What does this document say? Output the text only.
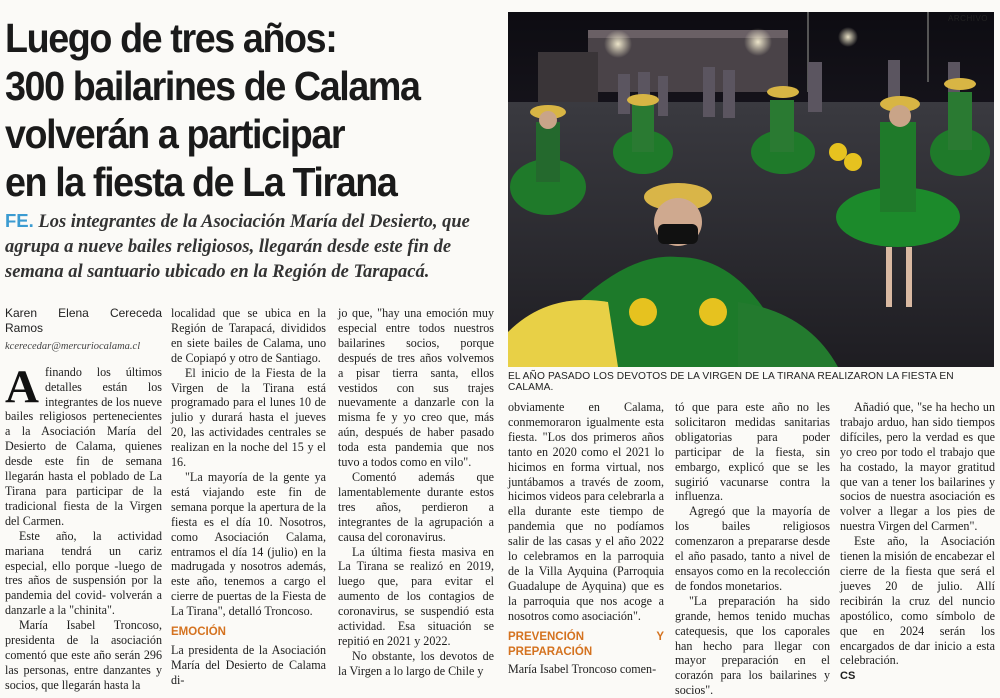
Luego de tres años:
300 bailarines de Calama
volverán a participar
en la fiesta de La Tirana
FE. Los integrantes de la Asociación María del Desierto, que agrupa a nueve bailes religiosos, llegarán desde este fin de semana al santuario ubicado en la Región de Tarapacá.
ARCHIVO
EL AÑO PASADO LOS DEVOTOS DE LA VIRGEN DE LA TIRANA REALIZARON LA FIESTA EN CALAMA.
Karen Elena Cereceda Ramos
kcerecedar@mercuriocalama.cl

Afinando los últimos detalles están los integrantes de los nueve bailes religiosos pertenecientes a la Asociación María del Desierto de Calama, quienes desde este fin de semana llegarán hasta el poblado de La Tirana para participar de la tradicional fiesta de la Virgen del Carmen.

Este año, la actividad mariana tendrá un cariz especial, ello porque -luego de tres años de suspensión por la pandemia del covid- volverán a danzarle a la "chinita".

María Isabel Troncoso, presidenta de la asociación comentó que este año serán 296 las personas, entre danzantes y socios, que llegarán hasta la

localidad que se ubica en la Región de Tarapacá, divididos en siete bailes de Calama, uno de Copiapó y otro de Santiago.

El inicio de la Fiesta de la Virgen de la Tirana está programado para el lunes 10 de julio y durará hasta el jueves 20, las actividades centrales se realizan en la noche del 15 y el 16.

"La mayoría de la gente ya está viajando este fin de semana porque la apertura de la fiesta es el día 10. Nosotros, como Asociación Calama, entramos el día 14 (julio) en la madrugada y nosotros además, este año, tenemos a cargo el cierre de puertas de la Fiesta de La Tirana", detalló Troncoso.

EMOCIÓN

La presidenta de la Asociación María del Desierto de Calama di-

jo que, "hay una emoción muy especial entre todos nuestros bailarines socios, porque después de tres años volvemos a pisar tierra santa, ellos vestidos con sus trajes nuevamente a danzarle con la misma fe y yo creo que, más aún, después de haber pasado toda esta pandemia que nos tuvo a todos como en vilo".

Comentó además que lamentablemente durante estos tres años, perdieron a integrantes de la agrupación a causa del coronavirus.

La última fiesta masiva en La Tirana se realizó en 2019, luego que, para evitar el aumento de los contagios de coronavirus, se suspendió esta actividad. Esa situación se repitió en 2021 y 2022.

No obstante, los devotos de la Virgen a lo largo de Chile y

obviamente en Calama, conmemoraron igualmente esta fiesta. "Los dos primeros años tanto en 2020 como el 2021 lo hicimos en forma virtual, nos juntábamos a través de zoom, hicimos videos para celebrarla a ella durante este tiempo de pandemia que no podíamos salir de las casas y el año 2022 lo celebramos en la parroquia de la Villa Ayquina (Parroquia Guadalupe de Ayquina) que es la parroquia que nos acoge a nosotros como asociación".

PREVENCIÓN Y PREPARACIÓN

María Isabel Troncoso comen-

tó que para este año no les solicitaron medidas sanitarias obligatorias para poder participar de la fiesta, sin embargo, explicó que se les sugirió vacunarse contra la influenza.

Agregó que la mayoría de los bailes religiosos comenzaron a prepararse desde el año pasado, tanto a nivel de ensayos como en la recolección de fondos monetarios.

"La preparación ha sido grande, hemos tenido muchas catequesis, que los caporales han hecho para llegar con mayor preparación en el corazón para los bailarines y socios".

Añadió que, "se ha hecho un trabajo arduo, han sido tiempos difíciles, pero la verdad es que yo creo por todo el trabajo que ha costado, la mayor gratitud que van a tener los bailarines y socios de nuestra asociación es volver a llegar a los pies de nuestra Virgen del Carmen".

Este año, la Asociación tienen la misión de encabezar el cierre de la fiesta que será el jueves 20 de julio. Allí recibirán la cruz del nuncio apostólico, como símbolo de que en 2024 serán los encargados de dar inicio a esta celebración.

CS
